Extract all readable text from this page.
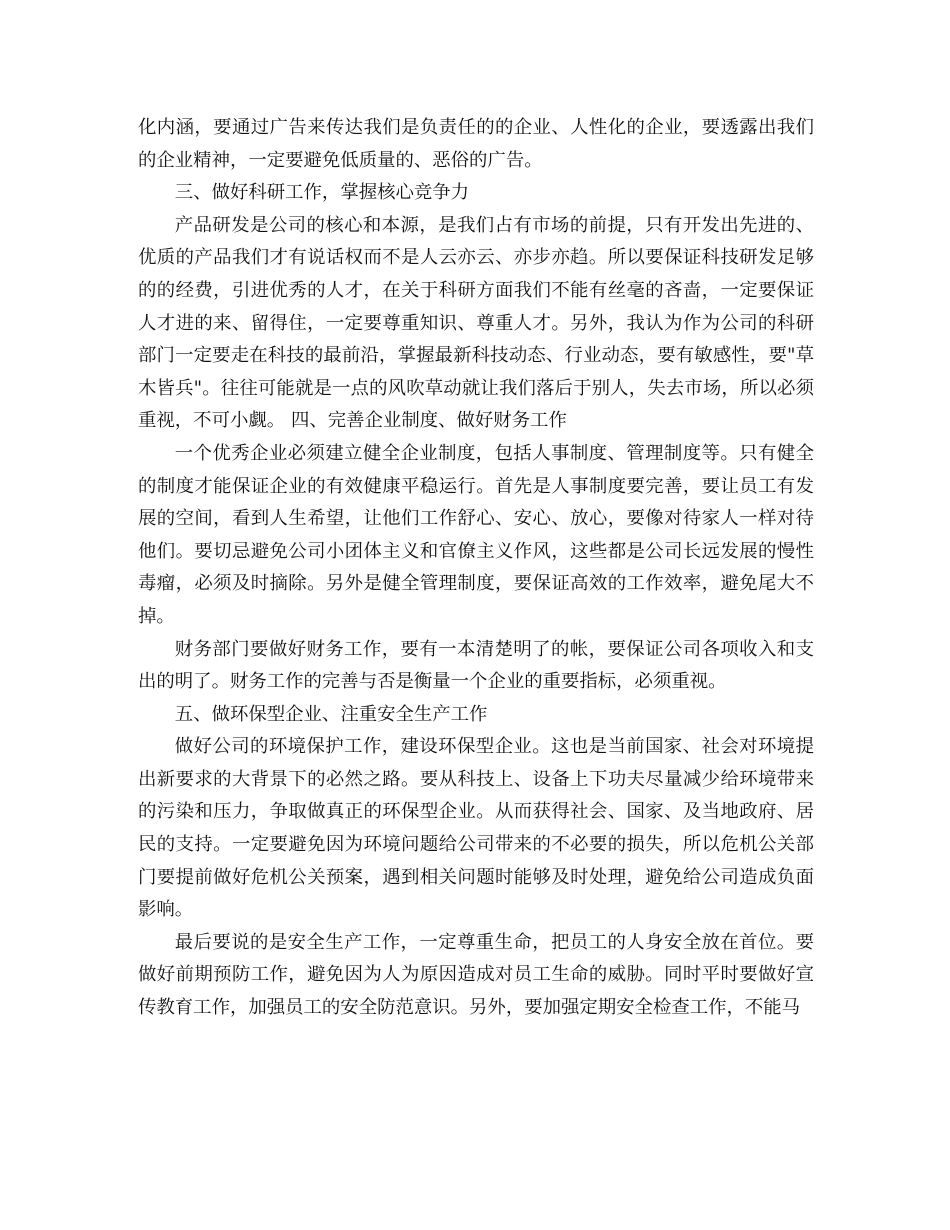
化内涵，要通过广告来传达我们是负责任的的企业、人性化的企业，要透露出我们的企业精神，一定要避免低质量的、恶俗的广告。

三、做好科研工作，掌握核心竞争力

产品研发是公司的核心和本源，是我们占有市场的前提，只有开发出先进的、优质的产品我们才有说话权而不是人云亦云、亦步亦趋。所以要保证科技研发足够的的经费，引进优秀的人才，在关于科研方面我们不能有丝毫的吝啬，一定要保证人才进的来、留得住，一定要尊重知识、尊重人才。另外，我认为作为公司的科研部门一定要走在科技的最前沿，掌握最新科技动态、行业动态，要有敏感性，要"草木皆兵"。往往可能就是一点的风吹草动就让我们落后于别人，失去市场，所以必须重视，不可小觑。 四、完善企业制度、做好财务工作

一个优秀企业必须建立健全企业制度，包括人事制度、管理制度等。只有健全的制度才能保证企业的有效健康平稳运行。首先是人事制度要完善，要让员工有发展的空间，看到人生希望，让他们工作舒心、安心、放心，要像对待家人一样对待他们。要切忌避免公司小团体主义和官僚主义作风，这些都是公司长远发展的慢性毒瘤，必须及时摘除。另外是健全管理制度，要保证高效的工作效率，避免尾大不掉。

财务部门要做好财务工作，要有一本清楚明了的帐，要保证公司各项收入和支出的明了。财务工作的完善与否是衡量一个企业的重要指标，必须重视。

五、做环保型企业、注重安全生产工作

做好公司的环境保护工作，建设环保型企业。这也是当前国家、社会对环境提出新要求的大背景下的必然之路。要从科技上、设备上下功夫尽量减少给环境带来的污染和压力，争取做真正的环保型企业。从而获得社会、国家、及当地政府、居民的支持。一定要避免因为环境问题给公司带来的不必要的损失，所以危机公关部门要提前做好危机公关预案，遇到相关问题时能够及时处理，避免给公司造成负面影响。

最后要说的是安全生产工作，一定尊重生命，把员工的人身安全放在首位。要做好前期预防工作，避免因为人为原因造成对员工生命的威胁。同时平时要做好宣传教育工作，加强员工的安全防范意识。另外，要加强定期安全检查工作，不能马
